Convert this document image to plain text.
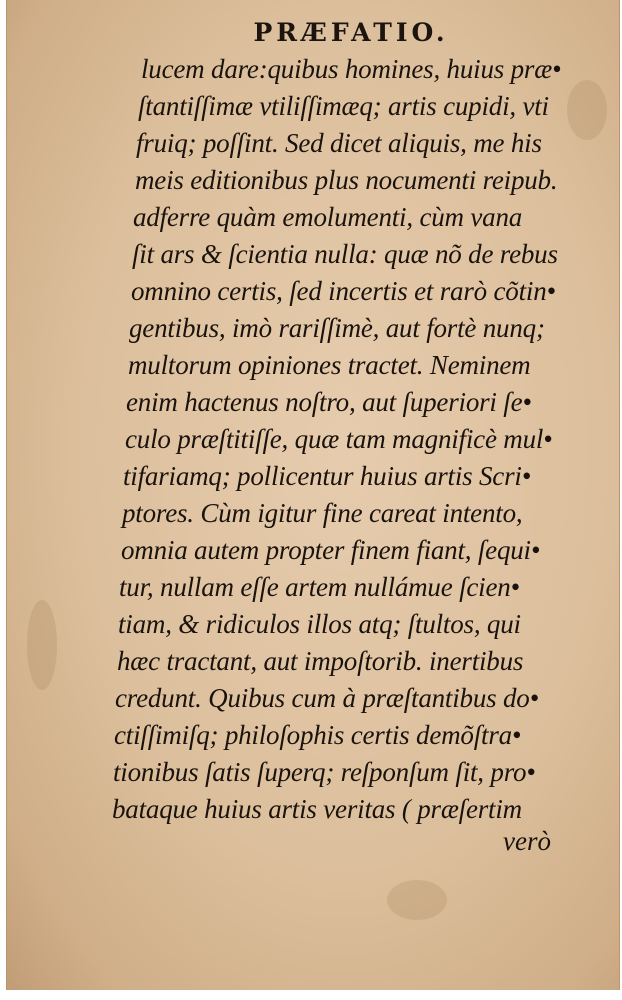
PRÆFATIO.
lucem dare:quibus homines, huius præ•
ſtantiſſimæ vtiliſſimæq; artis cupidi, vti
fruiq; poſſint. Sed dicet aliquis, me his
meis editionibus plus nocumenti reipub.
adferre quàm emolumenti, cùm vana
ſit ars & ſcientia nulla: quæ nõ de rebus
omnino certis, ſed incertis et rarò cõtin•
gentibus, imò rariſſimè, aut fortè nunq;
multorum opiniones tractet. Neminem
enim hactenus noſtro, aut ſuperiori ſe•
culo præſtitiſſe, quæ tam magnificè mul•
tifariamq; pollicentur huius artis Scri•
ptores. Cùm igitur fine careat intento,
omnia autem propter finem fiant, ſequi•
tur, nullam eſſe artem nullámue ſcien•
tiam, & ridiculos illos atq; ſtultos, qui
hæc tractant, aut impoſtorib. inertibus
credunt. Quibus cum à præſtantibus do•
ctiſſimiſq; philoſophis certis demõſtra•
tionibus ſatis ſuperq; reſponſum ſit, pro•
bataque huius artis veritas ( præſertim
verò
